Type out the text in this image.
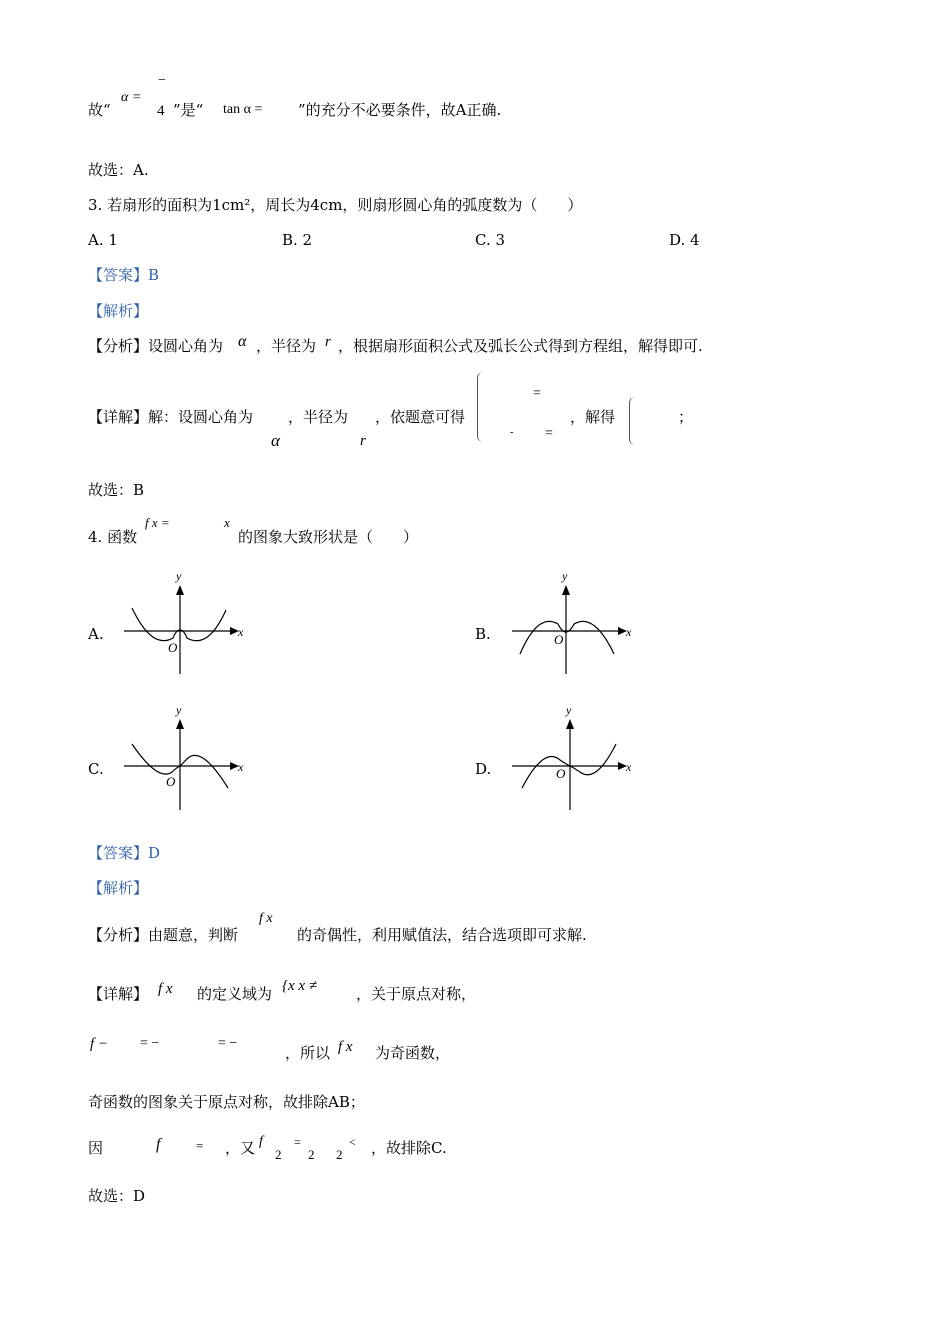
故“
α =
−
4 ”是“ tan α = ”的充分不必要条件，故A正确.
故选：A.
3. 若扇形的面积为1cm²，周长为4cm，则扇形圆心角的弧度数为（　　）
A. 1	B. 2	C. 3	D. 4
【答案】B
【解析】
【分析】设圆心角为 α ，半径为 r ，根据扇形面积公式及弧长公式得到方程组，解得即可.
【详解】解：设圆心角为
α
，半径为
r
，依题意可得
=
- =
，解得	；
故选：B
4. 函数
f x =	x
的图象大致形状是（　　）
A.
y
x
O
B.
y
x
O
C.
y
x
O
D.
y
x
O
【答案】D
【解析】
【分析】由题意，判断
f x
的奇偶性，利用赋值法，结合选项即可求解.
【详解】 f x 的定义域为 {x x ≠	，关于原点对称，
f − = −	= −
，所以 f x 为奇函数，
奇函数的图象关于原点对称，故排除AB；
因	f	= ，又 f
2
=
2 2
< ，故排除C.
故选：D
